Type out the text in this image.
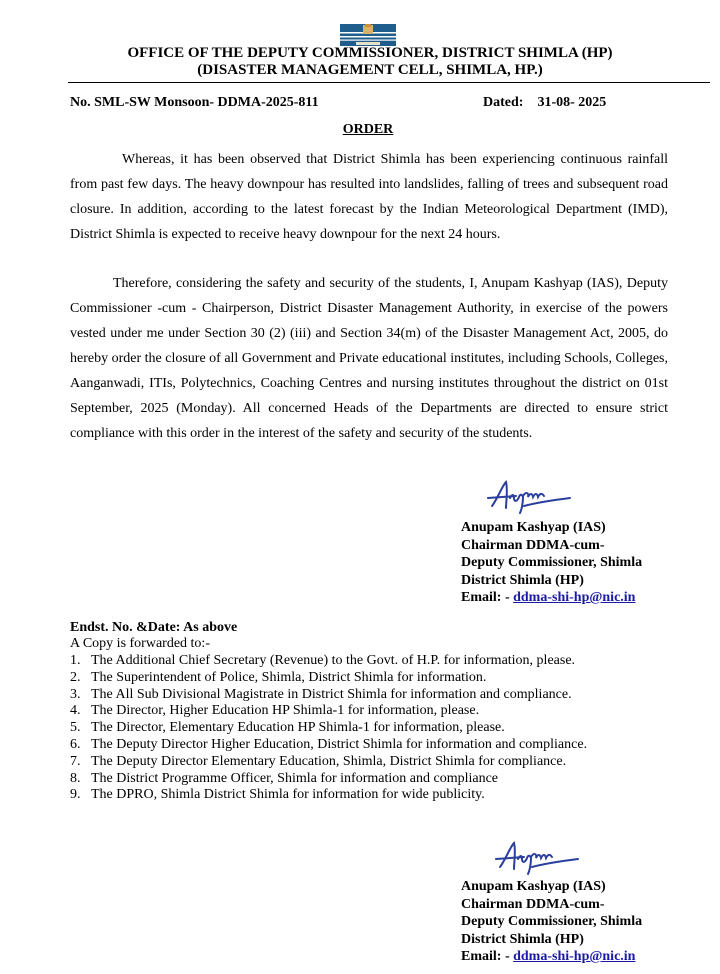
OFFICE OF THE DEPUTY COMMISSIONER, DISTRICT SHIMLA (HP)
(DISASTER MANAGEMENT CELL, SHIMLA, HP.)
No. SML-SW Monsoon- DDMA-2025-811	Dated: 31-08- 2025
ORDER
Whereas, it has been observed that District Shimla has been experiencing continuous rainfall from past few days. The heavy downpour has resulted into landslides, falling of trees and subsequent road closure. In addition, according to the latest forecast by the Indian Meteorological Department (IMD), District Shimla is expected to receive heavy downpour for the next 24 hours.
Therefore, considering the safety and security of the students, I, Anupam Kashyap (IAS), Deputy Commissioner -cum - Chairperson, District Disaster Management Authority, in exercise of the powers vested under me under Section 30 (2) (iii) and Section 34(m) of the Disaster Management Act, 2005, do hereby order the closure of all Government and Private educational institutes, including Schools, Colleges, Aanganwadi, ITIs, Polytechnics, Coaching Centres and nursing institutes throughout the district on 01st September, 2025 (Monday). All concerned Heads of the Departments are directed to ensure strict compliance with this order in the interest of the safety and security of the students.
Anupam Kashyap (IAS)
Chairman DDMA-cum-
Deputy Commissioner, Shimla
District Shimla (HP)
Email: - ddma-shi-hp@nic.in
Endst. No. &Date: As above
A Copy is forwarded to:-
1. The Additional Chief Secretary (Revenue) to the Govt. of H.P. for information, please.
2. The Superintendent of Police, Shimla, District Shimla for information.
3. The All Sub Divisional Magistrate in District Shimla for information and compliance.
4. The Director, Higher Education HP Shimla-1 for information, please.
5. The Director, Elementary Education HP Shimla-1 for information, please.
6. The Deputy Director Higher Education, District Shimla for information and compliance.
7. The Deputy Director Elementary Education, Shimla, District Shimla for compliance.
8. The District Programme Officer, Shimla for information and compliance
9. The DPRO, Shimla District Shimla for information for wide publicity.
Anupam Kashyap (IAS)
Chairman DDMA-cum-
Deputy Commissioner, Shimla
District Shimla (HP)
Email: - ddma-shi-hp@nic.in
